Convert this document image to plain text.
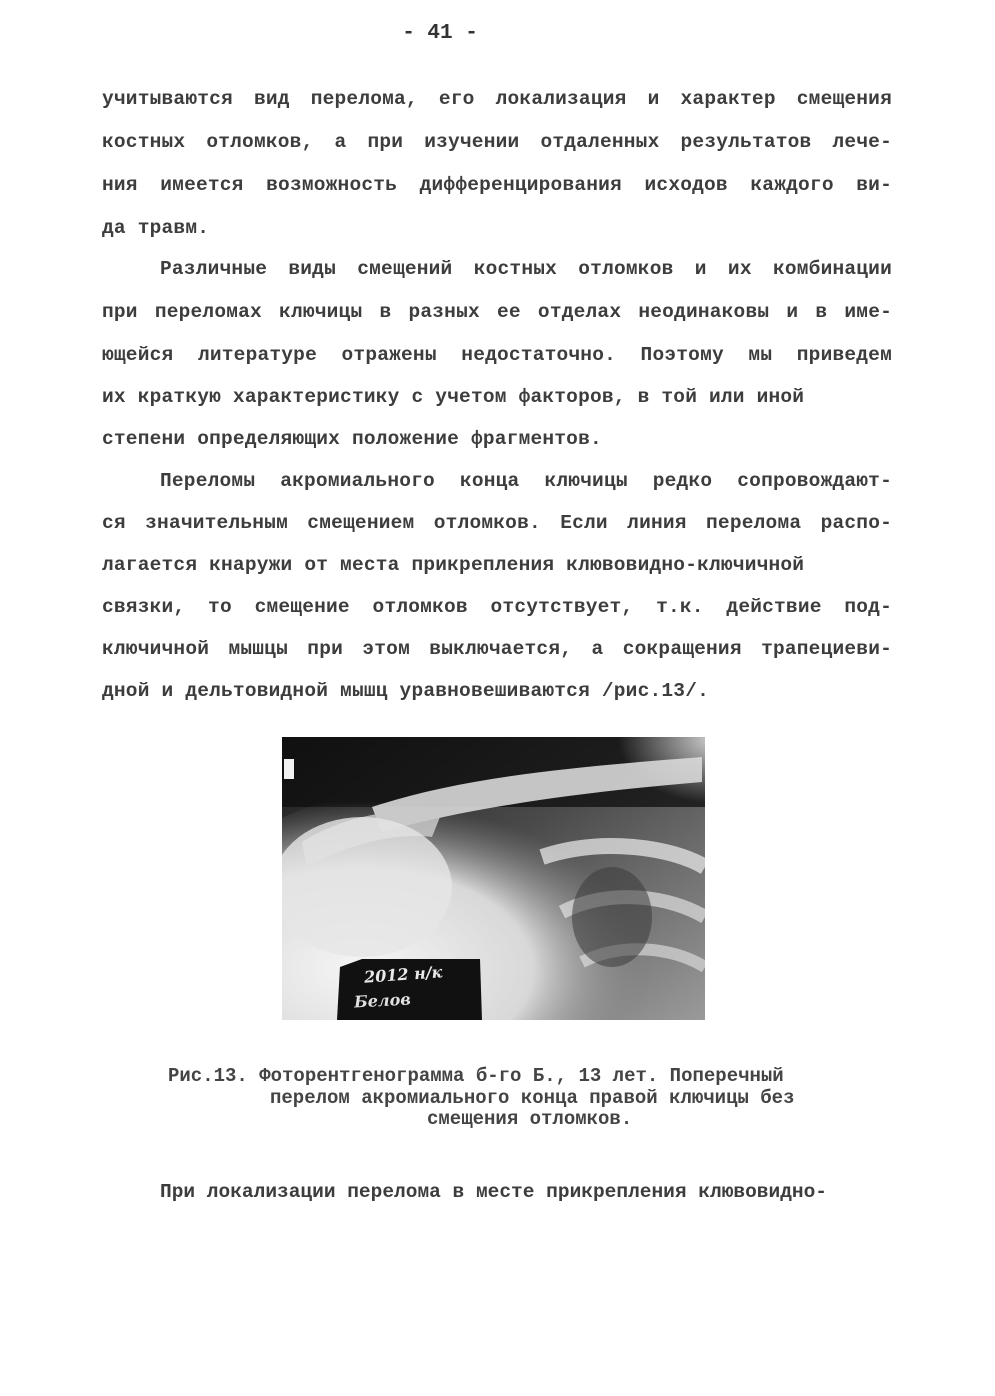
- 41 -
учитываются вид перелома, его локализация и характер смещения
костных отломков, а при изучении отдаленных результатов лече-
ния имеется возможность дифференцирования исходов каждого ви-
да травм.
Различные виды смещений костных отломков и их комбинации
при переломах ключицы в разных ее отделах неодинаковы и в име-
ющейся литературе отражены недостаточно. Поэтому мы приведем
их краткую характеристику с учетом факторов, в той или иной
степени определяющих положение фрагментов.
Переломы акромиального конца ключицы редко сопровождают-
ся значительным смещением отломков. Если линия перелома распо-
лагается кнаружи от места прикрепления клювовидно-ключичной
связки, то смещение отломков отсутствует, т.к. действие под-
ключичной мышцы при этом выключается, а сокращения трапециеви-
дной и дельтовидной мышц уравновешиваются /рис.13/.
2012 н/к
Белов
Рис.13. Фоторентгенограмма б-го Б., 13 лет. Поперечный
перелом акромиального конца правой ключицы без
смещения отломков.
При локализации перелома в месте прикрепления клювовидно-
